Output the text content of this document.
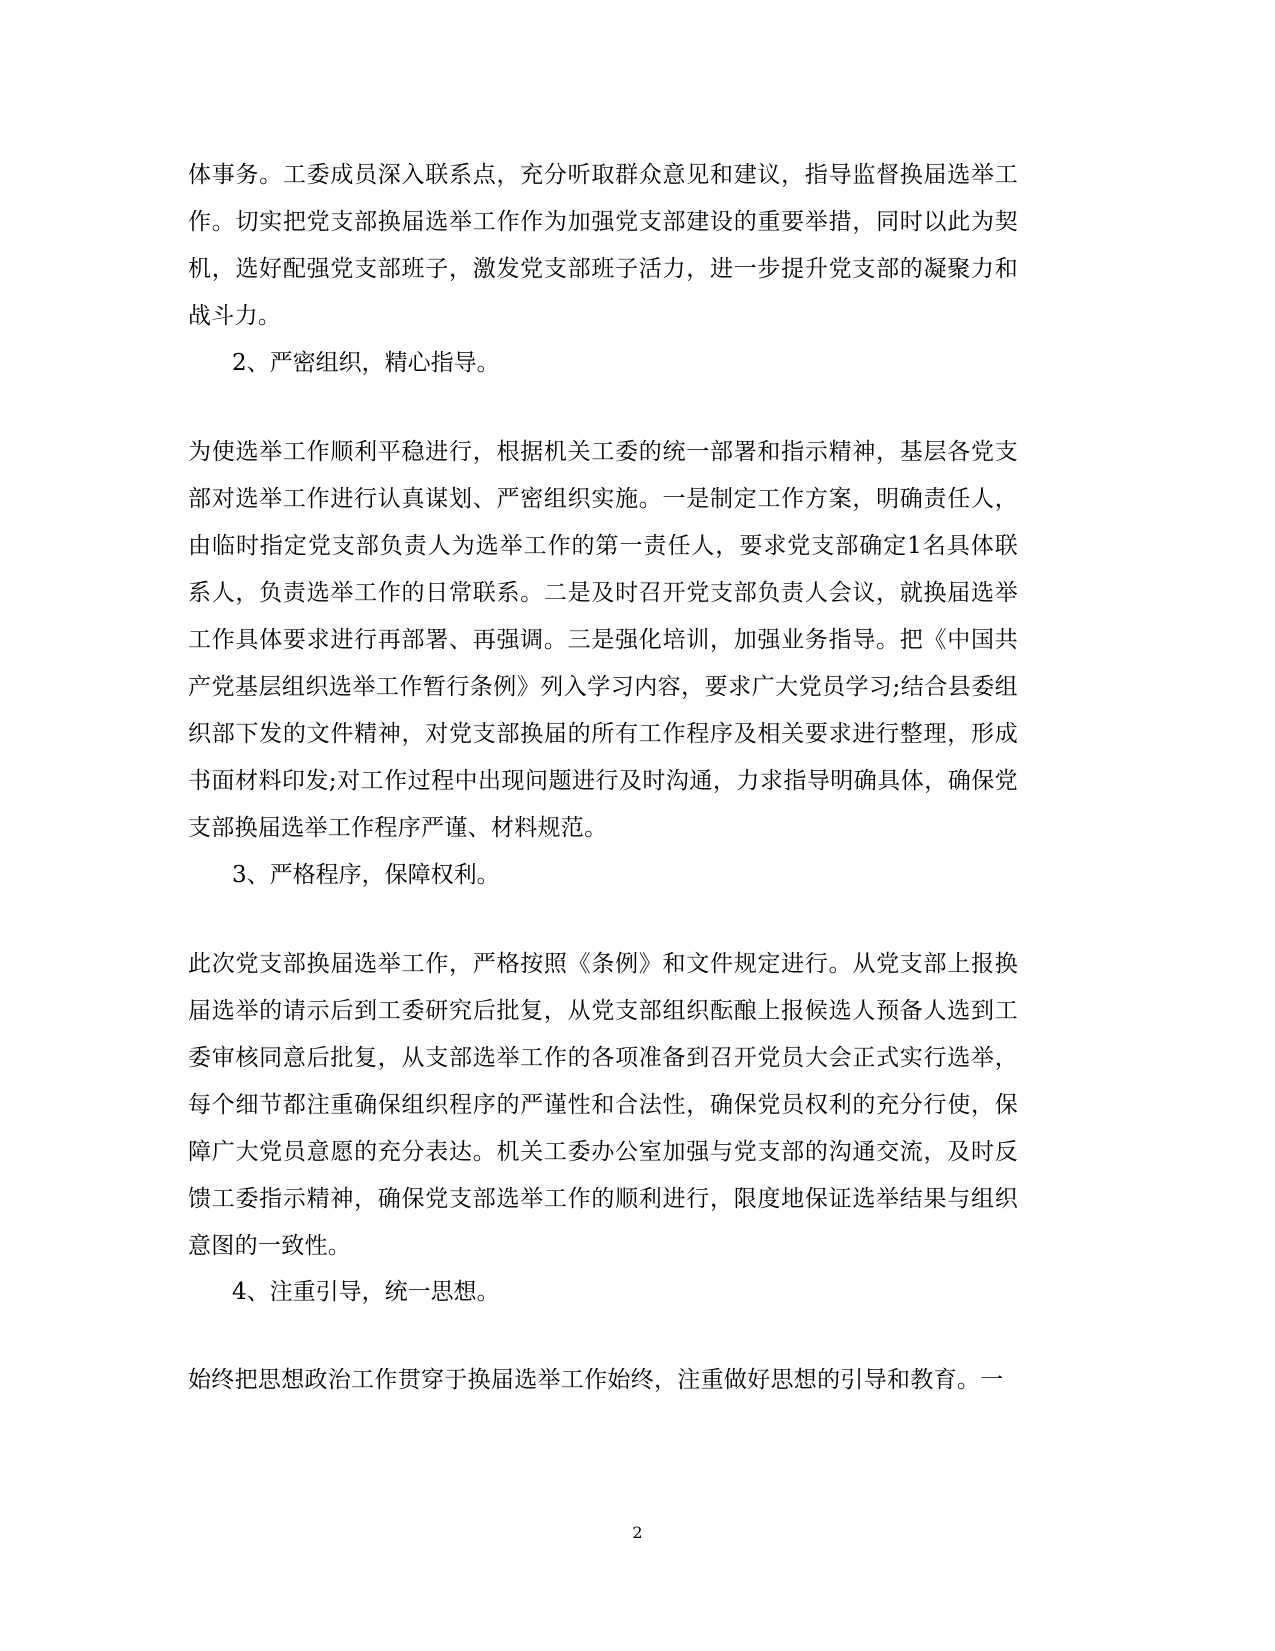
体事务。工委成员深入联系点，充分听取群众意见和建议，指导监督换届选举工作。切实把党支部换届选举工作作为加强党支部建设的重要举措，同时以此为契机，选好配强党支部班子，激发党支部班子活力，进一步提升党支部的凝聚力和战斗力。

2、严密组织，精心指导。

为使选举工作顺利平稳进行，根据机关工委的统一部署和指示精神，基层各党支部对选举工作进行认真谋划、严密组织实施。一是制定工作方案，明确责任人，由临时指定党支部负责人为选举工作的第一责任人，要求党支部确定1名具体联系人，负责选举工作的日常联系。二是及时召开党支部负责人会议，就换届选举工作具体要求进行再部署、再强调。三是强化培训，加强业务指导。把《中国共产党基层组织选举工作暂行条例》列入学习内容，要求广大党员学习;结合县委组织部下发的文件精神，对党支部换届的所有工作程序及相关要求进行整理，形成书面材料印发;对工作过程中出现问题进行及时沟通，力求指导明确具体，确保党支部换届选举工作程序严谨、材料规范。

3、严格程序，保障权利。

此次党支部换届选举工作，严格按照《条例》和文件规定进行。从党支部上报换届选举的请示后到工委研究后批复，从党支部组织酝酿上报候选人预备人选到工委审核同意后批复，从支部选举工作的各项准备到召开党员大会正式实行选举，每个细节都注重确保组织程序的严谨性和合法性，确保党员权利的充分行使，保障广大党员意愿的充分表达。机关工委办公室加强与党支部的沟通交流，及时反馈工委指示精神，确保党支部选举工作的顺利进行，限度地保证选举结果与组织意图的一致性。

4、注重引导，统一思想。

始终把思想政治工作贯穿于换届选举工作始终，注重做好思想的引导和教育。一

2
